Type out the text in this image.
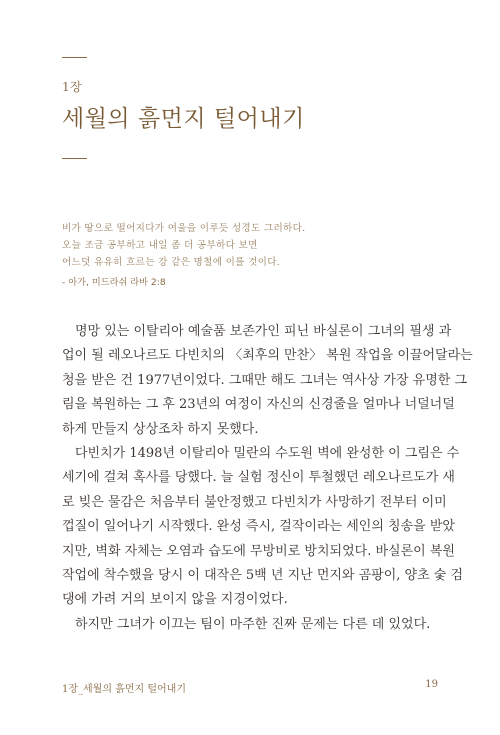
1장
세월의 흙먼지 털어내기
비가 땅으로 떨어지다가 여울을 이루듯 성경도 그러하다.
오늘 조금 공부하고 내일 좀 더 공부하다 보면
어느덧 유유히 흐르는 강 같은 명철에 이를 것이다.
- 아가, 미드라쉬 라바 2:8
명망 있는 이탈리아 예술품 보존가인 피닌 바실론이 그녀의 필생 과
업이 될 레오나르도 다빈치의 〈최후의 만찬〉 복원 작업을 이끌어달라는
청을 받은 건 1977년이었다. 그때만 해도 그녀는 역사상 가장 유명한 그
림을 복원하는 그 후 23년의 여정이 자신의 신경줄을 얼마나 너덜너덜
하게 만들지 상상조차 하지 못했다.
다빈치가 1498년 이탈리아 밀란의 수도원 벽에 완성한 이 그림은 수
세기에 걸쳐 혹사를 당했다. 늘 실험 정신이 투철했던 레오나르도가 새
로 빚은 물감은 처음부터 불안정했고 다빈치가 사망하기 전부터 이미
껍질이 일어나기 시작했다. 완성 즉시, 걸작이라는 세인의 칭송을 받았
지만, 벽화 자체는 오염과 습도에 무방비로 방치되었다. 바실론이 복원
작업에 착수했을 당시 이 대작은 5백 년 지난 먼지와 곰팡이, 양초 숯 검
댕에 가려 거의 보이지 않을 지경이었다.
하지만 그녀가 이끄는 팀이 마주한 진짜 문제는 다른 데 있었다.
1장_세월의 흙먼지 털어내기	19
